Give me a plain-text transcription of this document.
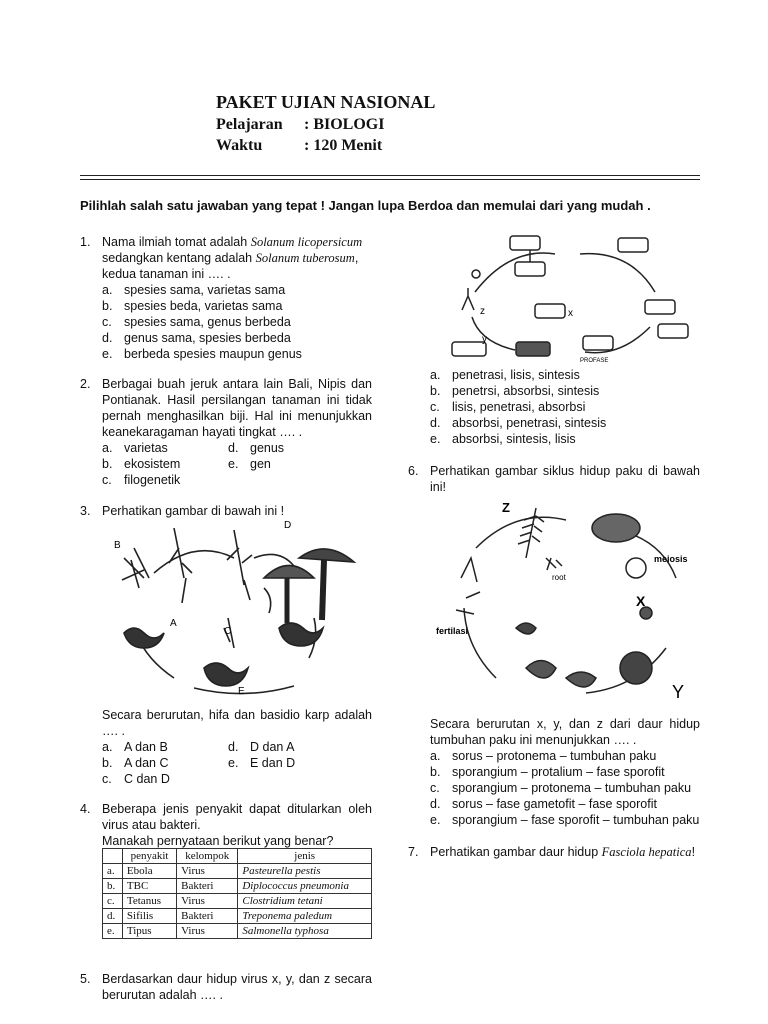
PAKET UJIAN NASIONAL
Pelajaran : BIOLOGI
Waktu	: 120 Menit
Pilihlah salah satu jawaban yang tepat ! Jangan lupa Berdoa dan memulai dari yang mudah .
1. Nama ilmiah tomat adalah Solanum licopersicum
sedangkan kentang adalah Solanum tuberosum,
kedua tanaman ini …. .
a. spesies sama, varietas sama
b. spesies beda, varietas sama
c. spesies sama, genus berbeda
d. genus sama, spesies berbeda
e. berbeda spesies maupun genus
2. Berbagai buah jeruk antara lain Bali, Nipis dan Pontianak. Hasil persilangan tanaman ini tidak pernah menghasilkan biji. Hal ini menunjukkan keanekaragaman hayati tingkat …. .
a. varietas	d. genus
b. ekosistem	e. gen
c. filogenetik
3. Perhatikan gambar di bawah ini !
B
A
C
D
E
Secara berurutan, hifa dan basidio karp adalah …. .
a. A dan B	d. D dan A
b. A dan C	e. E dan D
c. C dan D
4. Beberapa jenis penyakit dapat ditularkan oleh virus atau bakteri.
Manakah pernyataan berikut yang benar?
	penyakit	kelompok	jenis
a.	Ebola	Virus	Pasteurella pestis
b.	TBC	Bakteri	Diplococcus pneumonia
c.	Tetanus	Virus	Clostridium tetani
d.	Sifilis	Bakteri	Treponema paledum
e.	Tipus	Virus	Salmonella typhosa
5. Berdasarkan daur hidup virus x, y, dan z secara berurutan adalah …. .
z	x
y
PROFASE
a. penetrasi, lisis, sintesis
b. penetrsi, absorbsi, sintesis
c. lisis, penetrasi, absorbsi
d. absorbsi, penetrasi, sintesis
e. absorbsi, sintesis, lisis
6. Perhatikan gambar siklus hidup paku di bawah ini!
Z
X
Y
meiosis
fertilasi
root
Secara berurutan x, y, dan z dari daur hidup tumbuhan paku ini menunjukkan …. .
a. sorus – protonema – tumbuhan paku
b. sporangium – protalium – fase sporofit
c. sporangium – protonema – tumbuhan paku
d. sorus – fase gametofit – fase sporofit
e. sporangium – fase sporofit – tumbuhan paku
7. Perhatikan gambar daur hidup Fasciola hepatica!
